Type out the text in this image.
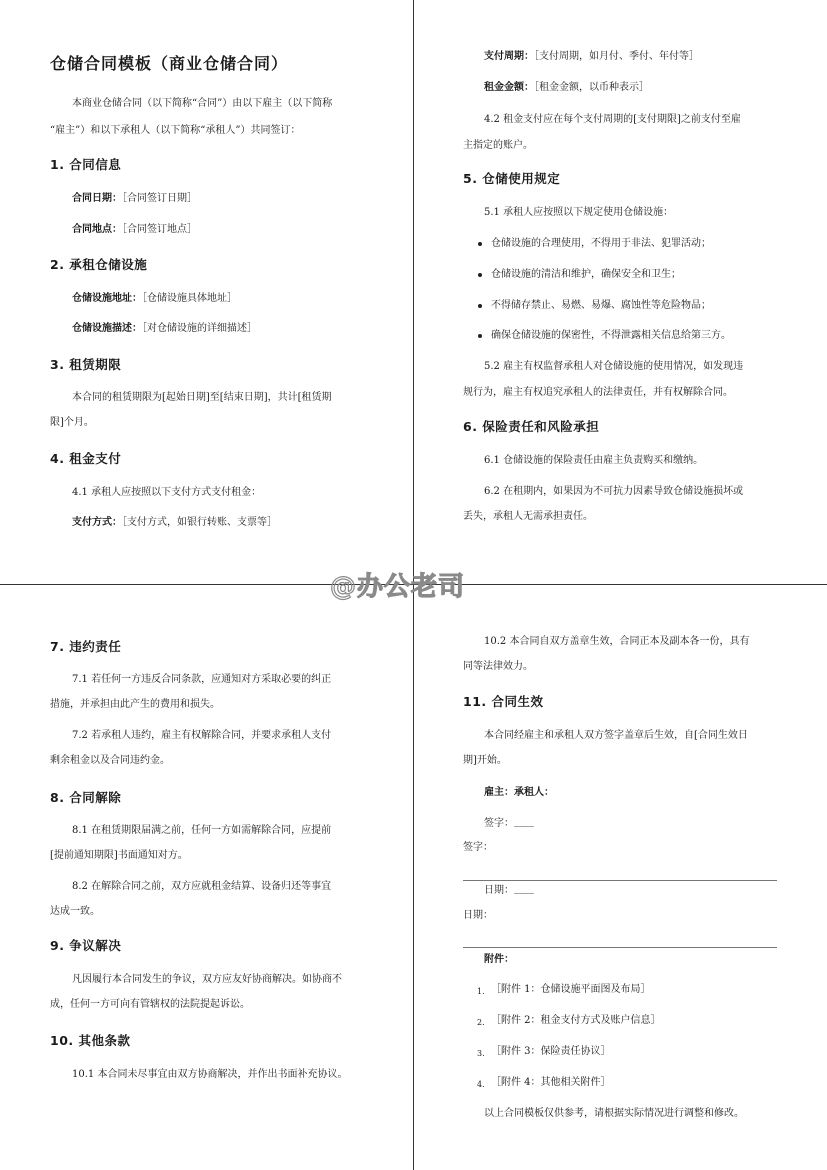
仓储合同模板（商业仓储合同）
本商业仓储合同（以下简称“合同”）由以下雇主（以下简称
“雇主”）和以下承租人（以下简称“承租人”）共同签订：
1. 合同信息
合同日期：［合同签订日期］
合同地点：［合同签订地点］
2. 承租仓储设施
仓储设施地址：［仓储设施具体地址］
仓储设施描述：［对仓储设施的详细描述］
3. 租赁期限
本合同的租赁期限为[起始日期]至[结束日期]，共计[租赁期
限]个月。
4. 租金支付
4.1 承租人应按照以下支付方式支付租金：
支付方式：［支付方式，如银行转账、支票等］
支付周期：［支付周期，如月付、季付、年付等］
租金金额：［租金金额，以币种表示］
4.2 租金支付应在每个支付周期的[支付期限]之前支付至雇
主指定的账户。
5. 仓储使用规定
5.1 承租人应按照以下规定使用仓储设施：
仓储设施的合理使用，不得用于非法、犯罪活动；
仓储设施的清洁和维护，确保安全和卫生；
不得储存禁止、易燃、易爆、腐蚀性等危险物品；
确保仓储设施的保密性，不得泄露相关信息给第三方。
5.2 雇主有权监督承租人对仓储设施的使用情况，如发现违
规行为，雇主有权追究承租人的法律责任，并有权解除合同。
6. 保险责任和风险承担
6.1 仓储设施的保险责任由雇主负责购买和缴纳。
6.2 在租期内，如果因为不可抗力因素导致仓储设施损坏或
丢失，承租人无需承担责任。
@办公老司
7. 违约责任
7.1 若任何一方违反合同条款，应通知对方采取必要的纠正
措施，并承担由此产生的费用和损失。
7.2 若承租人违约，雇主有权解除合同，并要求承租人支付
剩余租金以及合同违约金。
8. 合同解除
8.1 在租赁期限届满之前，任何一方如需解除合同，应提前
[提前通知期限]书面通知对方。
8.2 在解除合同之前，双方应就租金结算、设备归还等事宜
达成一致。
9. 争议解决
凡因履行本合同发生的争议，双方应友好协商解决。如协商不
成，任何一方可向有管辖权的法院提起诉讼。
10. 其他条款
10.1 本合同未尽事宜由双方协商解决，并作出书面补充协议。
10.2 本合同自双方盖章生效，合同正本及副本各一份，具有
同等法律效力。
11. 合同生效
本合同经雇主和承租人双方签字盖章后生效，自[合同生效日
期]开始。
雇主：承租人：
签字：＿＿
签字：
日期：＿＿
日期：
附件：
1. ［附件 1：仓储设施平面图及布局］
2. ［附件 2：租金支付方式及账户信息］
3. ［附件 3：保险责任协议］
4. ［附件 4：其他相关附件］
以上合同模板仅供参考，请根据实际情况进行调整和修改。
